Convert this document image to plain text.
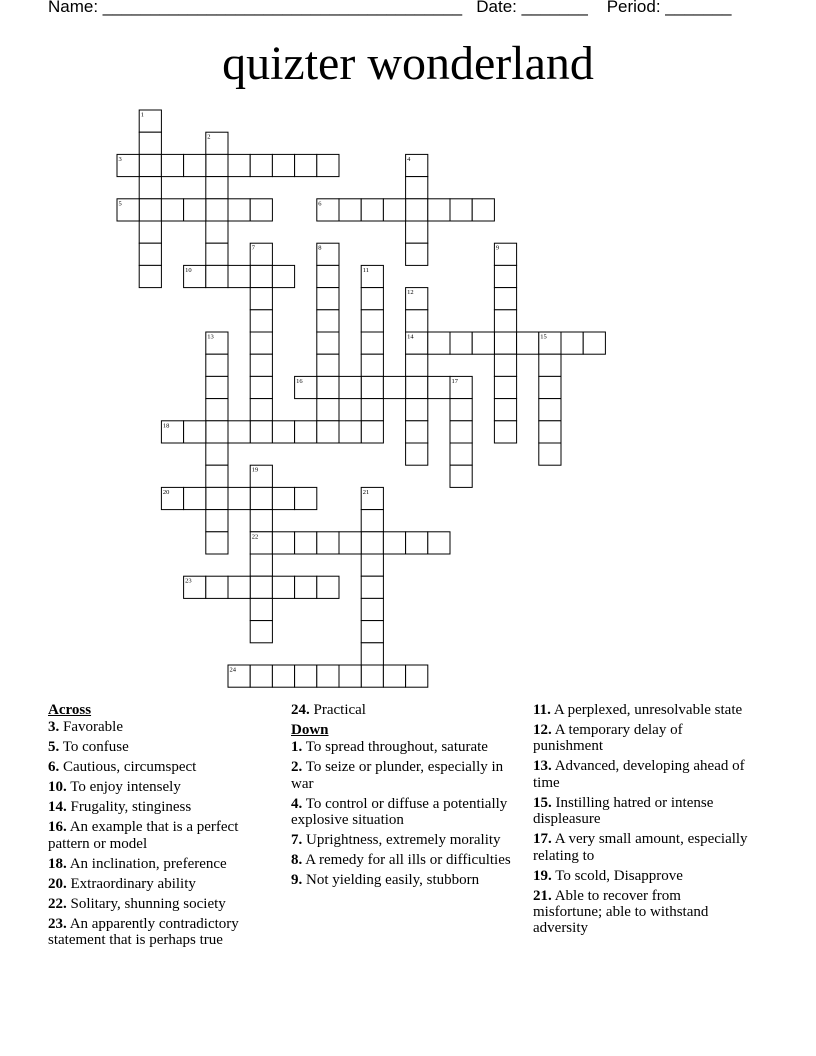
Name: ______________________________________ Date: _______ Period: _______
quizter wonderland
1
2
3	4
5	6
7	8	9
10	11
12
13	14	15
16	17
18
19
20	21
22
23
24
Across
3. Favorable
5. To confuse
6. Cautious, circumspect
10. To enjoy intensely
14. Frugality, stinginess
16. An example that is a perfect pattern or model
18. An inclination, preference
20. Extraordinary ability
22. Solitary, shunning society
23. An apparently contradictory statement that is perhaps true
24. Practical
Down
1. To spread throughout, saturate
2. To seize or plunder, especially in war
4. To control or diffuse a potentially explosive situation
7. Uprightness, extremely morality
8. A remedy for all ills or difficulties
9. Not yielding easily, stubborn
11. A perplexed, unresolvable state
12. A temporary delay of punishment
13. Advanced, developing ahead of time
15. Instilling hatred or intense displeasure
17. A very small amount, especially relating to
19. To scold, Disapprove
21. Able to recover from misfortune; able to withstand adversity
